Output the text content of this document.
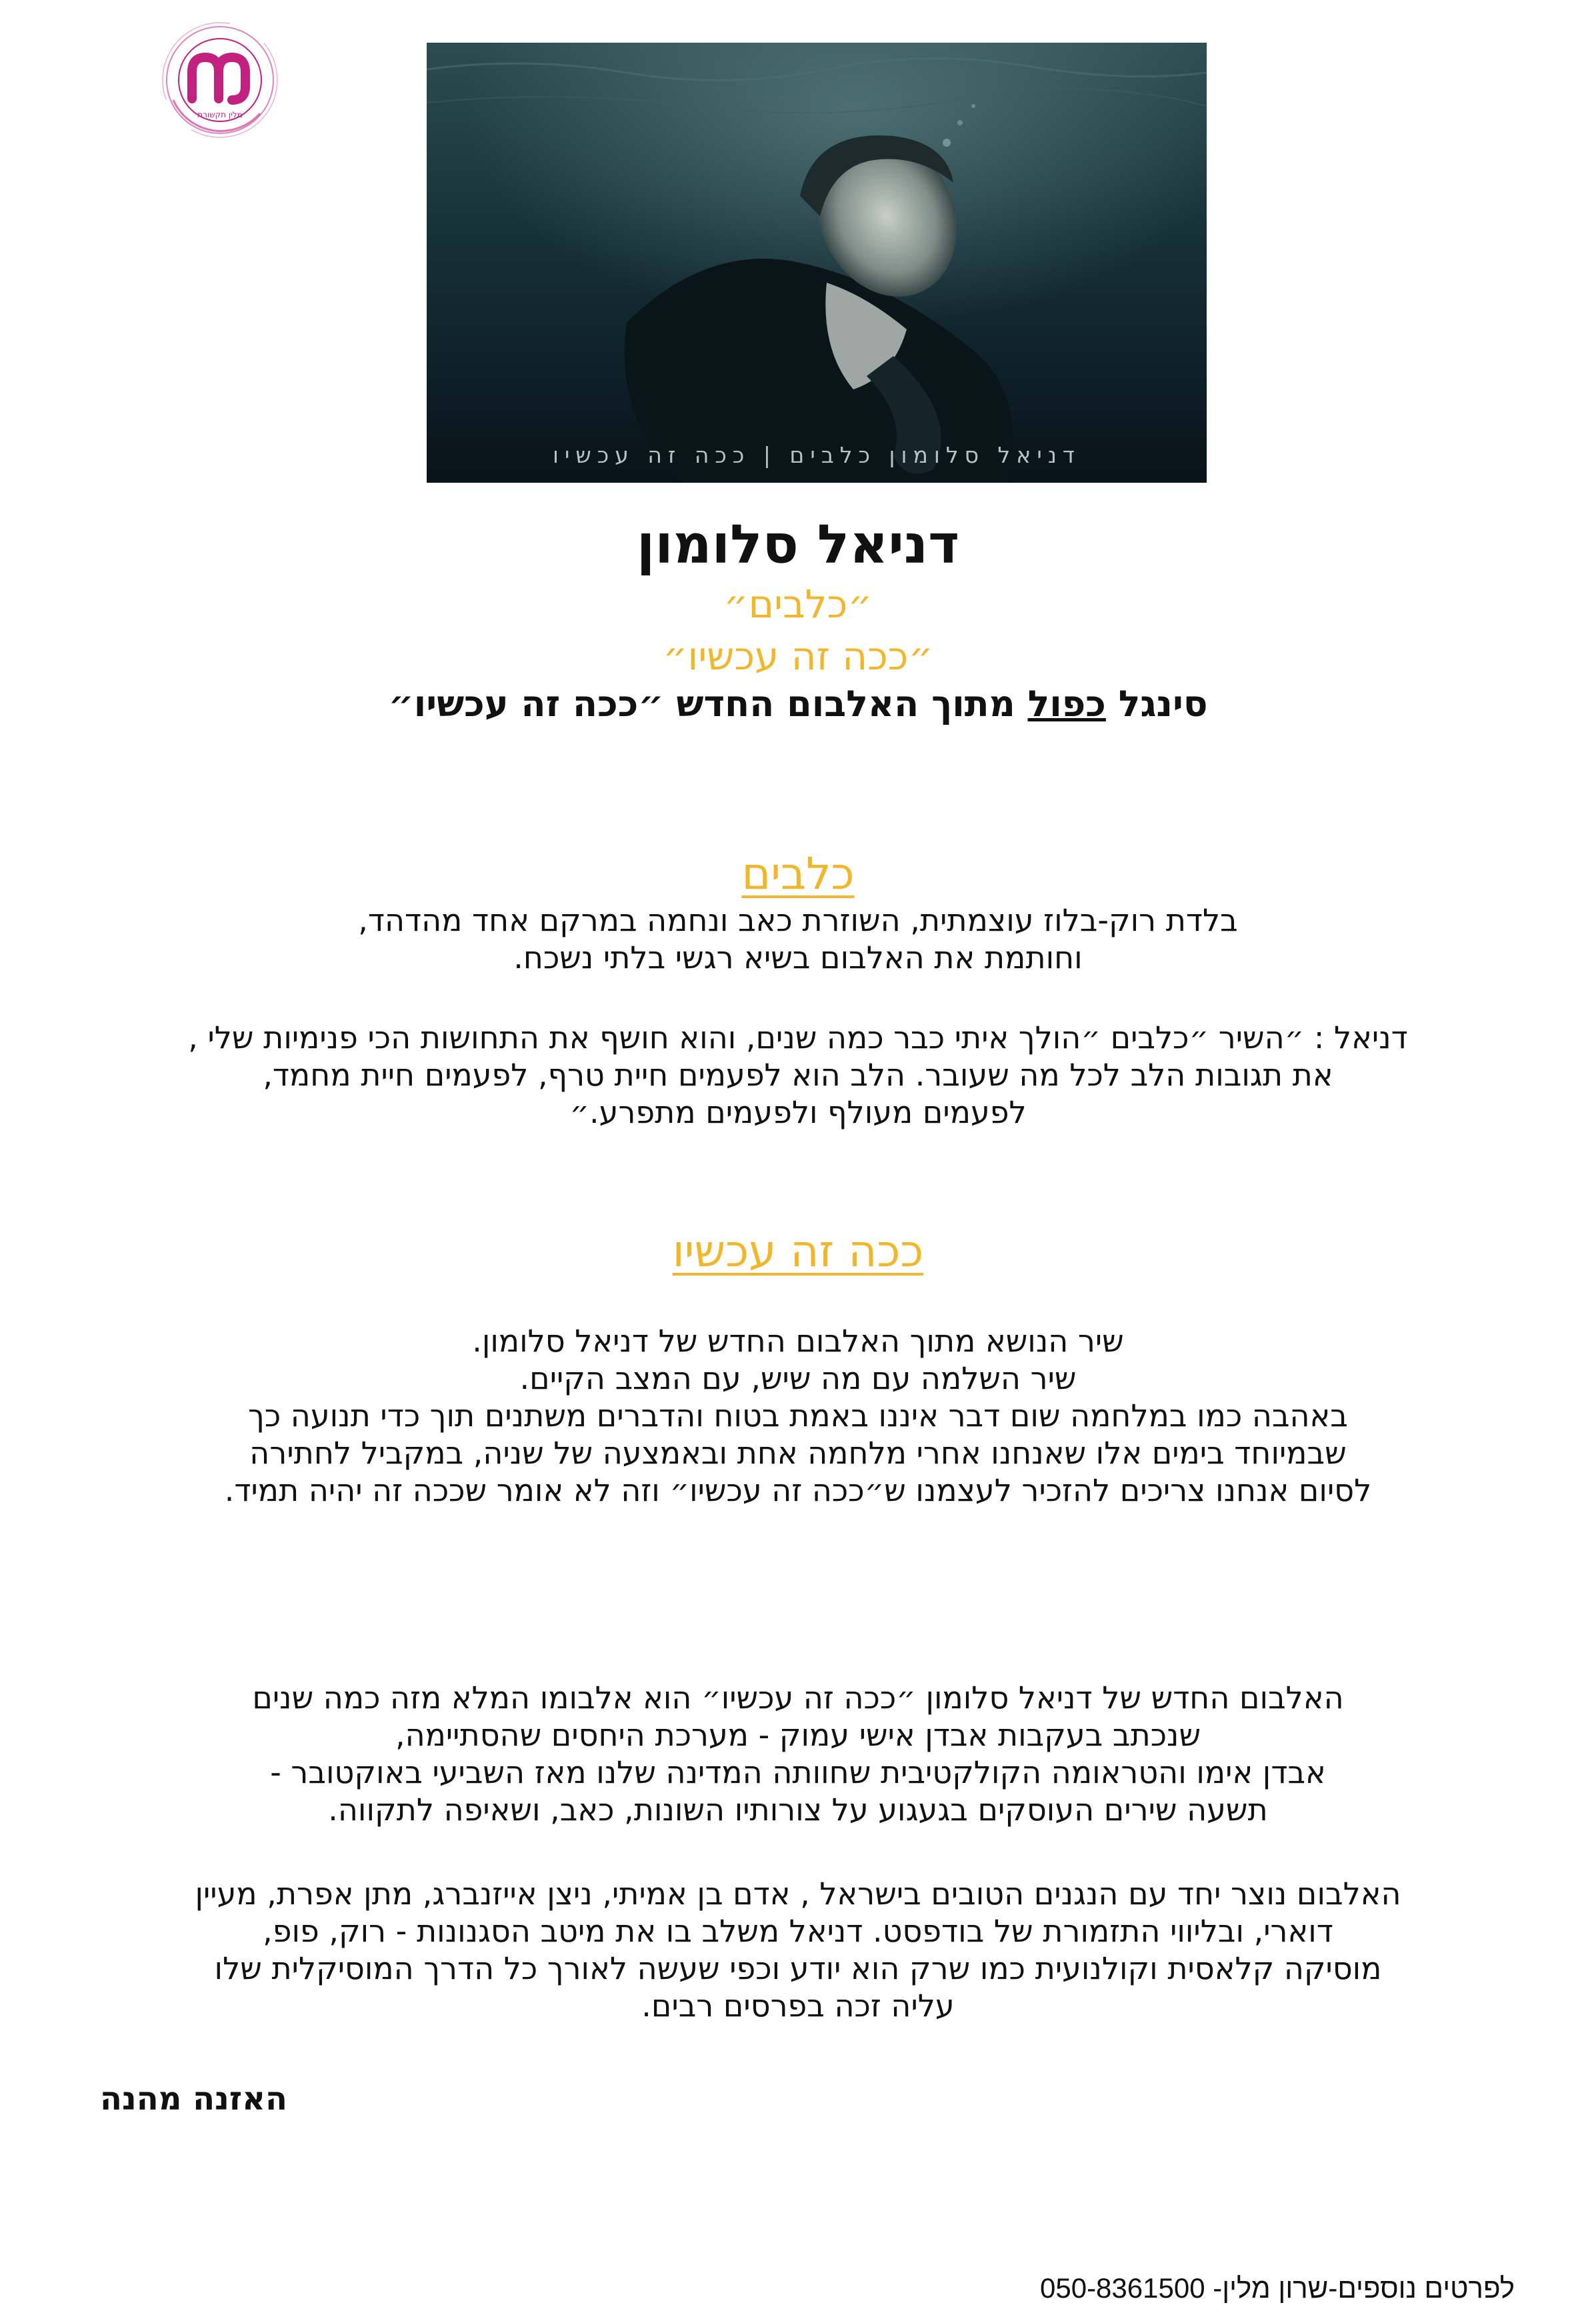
מלין תקשורת
דניאל סלומון כלבים | ככה זה עכשיו
דניאל סלומון
״כלבים״
״ככה זה עכשיו״
סינגל כפול מתוך האלבום החדש ״ככה זה עכשיו״
כלבים
בלדת רוק-בלוז עוצמתית, השוזרת כאב ונחמה במרקם אחד מהדהד,
וחותמת את האלבום בשיא רגשי בלתי נשכח.
דניאל : ״השיר ״כלבים ״הולך איתי כבר כמה שנים, והוא חושף את התחושות הכי פנימיות שלי ,
את תגובות הלב לכל מה שעובר. הלב הוא לפעמים חיית טרף, לפעמים חיית מחמד,
לפעמים מעולף ולפעמים מתפרע.״
ככה זה עכשיו
שיר הנושא מתוך האלבום החדש של דניאל סלומון.
שיר השלמה עם מה שיש, עם המצב הקיים.
באהבה כמו במלחמה שום דבר איננו באמת בטוח והדברים משתנים תוך כדי תנועה כך
שבמיוחד בימים אלו שאנחנו אחרי מלחמה אחת ובאמצעה של שניה, במקביל לחתירה
לסיום אנחנו צריכים להזכיר לעצמנו ש״ככה זה עכשיו״ וזה לא אומר שככה זה יהיה תמיד.
האלבום החדש של דניאל סלומון ״ככה זה עכשיו״ הוא אלבומו המלא מזה כמה שנים
שנכתב בעקבות אבדן אישי עמוק - מערכת היחסים שהסתיימה,
אבדן אימו והטראומה הקולקטיבית שחוותה המדינה שלנו מאז השביעי באוקטובר -
תשעה שירים העוסקים בגעגוע על צורותיו השונות, כאב, ושאיפה לתקווה.
האלבום נוצר יחד עם הנגנים הטובים בישראל , אדם בן אמיתי, ניצן אייזנברג, מתן אפרת, מעיין
דוארי, ובליווי התזמורת של בודפסט. דניאל משלב בו את מיטב הסגנונות - רוק, פופ,
מוסיקה קלאסית וקולנועית כמו שרק הוא יודע וכפי שעשה לאורך כל הדרך המוסיקלית שלו
עליה זכה בפרסים רבים.
האזנה מהנה
לפרטים נוספים-שרון מלין- 050-8361500
